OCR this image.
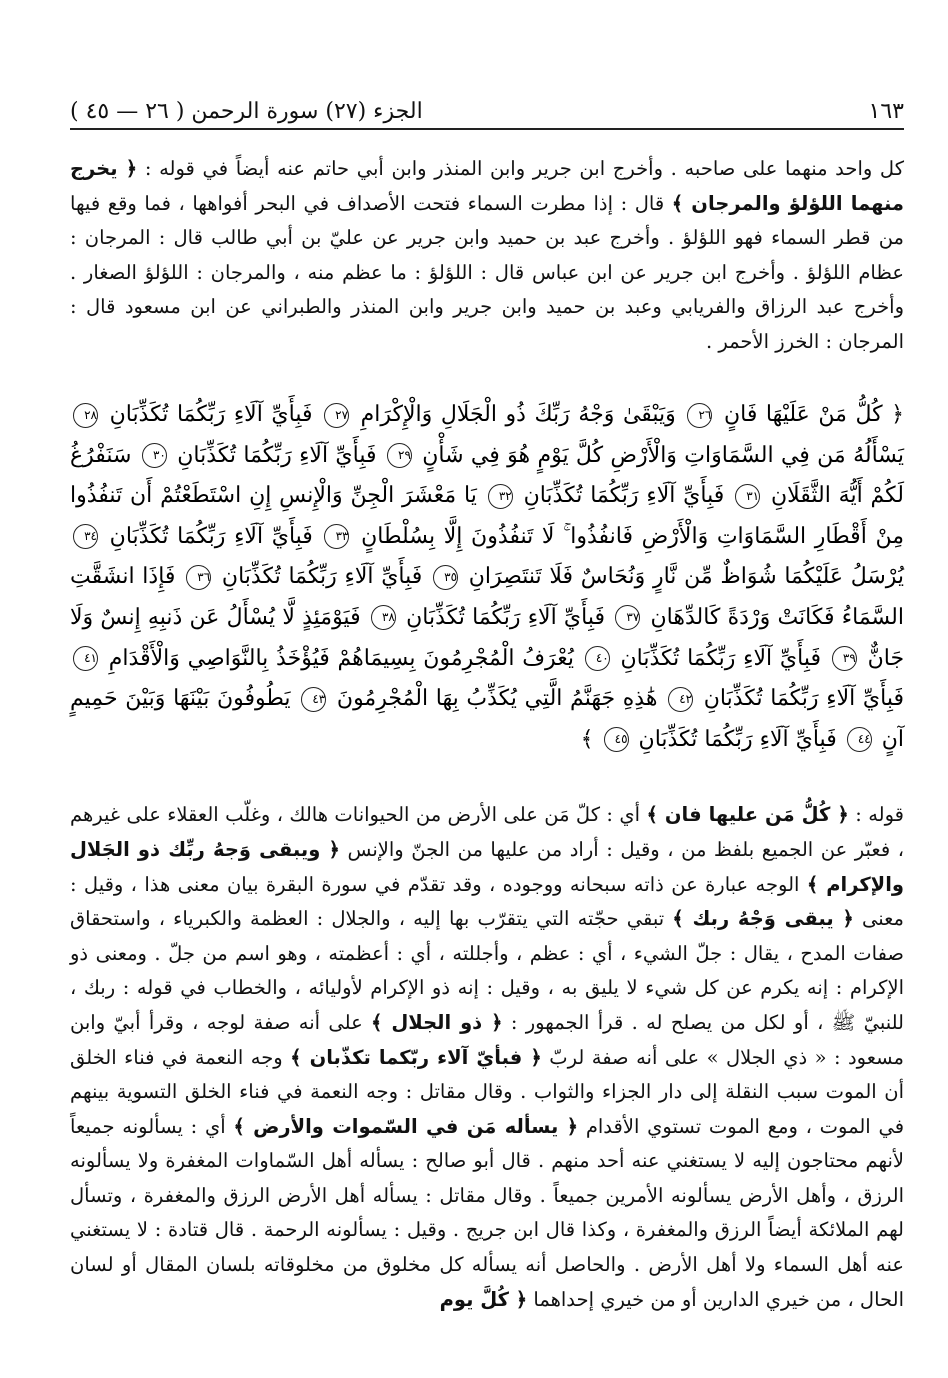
الجزء (٢٧) سورة الرحمن ( ٢٦ — ٤٥ )	١٦٣

كل واحد منهما على صاحبه . وأخرج ابن جرير وابن المنذر وابن أبي حاتم عنه أيضاً في قوله : ﴿ يخرج منهما اللؤلؤ والمرجان ﴾ قال : إذا مطرت السماء فتحت الأصداف في البحر أفواهها ، فما وقع فيها من قطر السماء فهو اللؤلؤ . وأخرج عبد بن حميد وابن جرير عن عليّ بن أبي طالب قال : المرجان : عظام اللؤلؤ . وأخرج ابن جرير عن ابن عباس قال : اللؤلؤ : ما عظم منه ، والمرجان : اللؤلؤ الصغار . وأخرج عبد الرزاق والفريابي وعبد بن حميد وابن جرير وابن المنذر والطبراني عن ابن مسعود قال : المرجان : الخرز الأحمر .

﴿ كُلُّ مَنْ عَلَيْهَا فَانٍ ٢٦ وَيَبْقَىٰ وَجْهُ رَبِّكَ ذُو الْجَلَالِ وَالْإِكْرَامِ ٢٧ فَبِأَيِّ آلَاءِ رَبِّكُمَا تُكَذِّبَانِ ٢٨ يَسْأَلُهُ مَن فِي السَّمَاوَاتِ وَالْأَرْضِ كُلَّ يَوْمٍ هُوَ فِي شَأْنٍ ٢٩ فَبِأَيِّ آلَاءِ رَبِّكُمَا تُكَذِّبَانِ ٣٠ سَنَفْرُغُ لَكُمْ أَيُّهَ الثَّقَلَانِ ٣١ فَبِأَيِّ آلَاءِ رَبِّكُمَا تُكَذِّبَانِ ٣٢ يَا مَعْشَرَ الْجِنِّ وَالْإِنسِ إِنِ اسْتَطَعْتُمْ أَن تَنفُذُوا مِنْ أَقْطَارِ السَّمَاوَاتِ وَالْأَرْضِ فَانفُذُوا ۚ لَا تَنفُذُونَ إِلَّا بِسُلْطَانٍ ٣٣ فَبِأَيِّ آلَاءِ رَبِّكُمَا تُكَذِّبَانِ ٣٤ يُرْسَلُ عَلَيْكُمَا شُوَاظٌ مِّن نَّارٍ وَنُحَاسٌ فَلَا تَنتَصِرَانِ ٣٥ فَبِأَيِّ آلَاءِ رَبِّكُمَا تُكَذِّبَانِ ٣٦ فَإِذَا انشَقَّتِ السَّمَاءُ فَكَانَتْ وَرْدَةً كَالدِّهَانِ ٣٧ فَبِأَيِّ آلَاءِ رَبِّكُمَا تُكَذِّبَانِ ٣٨ فَيَوْمَئِذٍ لَّا يُسْأَلُ عَن ذَنبِهِ إِنسٌ وَلَا جَانٌّ ٣٩ فَبِأَيِّ آلَاءِ رَبِّكُمَا تُكَذِّبَانِ ٤٠ يُعْرَفُ الْمُجْرِمُونَ بِسِيمَاهُمْ فَيُؤْخَذُ بِالنَّوَاصِي وَالْأَقْدَامِ ٤١ فَبِأَيِّ آلَاءِ رَبِّكُمَا تُكَذِّبَانِ ٤٢ هَٰذِهِ جَهَنَّمُ الَّتِي يُكَذِّبُ بِهَا الْمُجْرِمُونَ ٤٣ يَطُوفُونَ بَيْنَهَا وَبَيْنَ حَمِيمٍ آنٍ ٤٤ فَبِأَيِّ آلَاءِ رَبِّكُمَا تُكَذِّبَانِ ٤٥ ﴾

قوله : ﴿ كُلُّ مَن عليها فان ﴾ أي : كلّ مَن على الأرض من الحيوانات هالك ، وغلّب العقلاء على غيرهم ، فعبّر عن الجميع بلفظ من ، وقيل : أراد من عليها من الجنّ والإنس ﴿ ويبقى وَجهُ ربِّك ذو الجَلال والإكرام ﴾ الوجه عبارة عن ذاته سبحانه ووجوده ، وقد تقدّم في سورة البقرة بيان معنى هذا ، وقيل : معنى ﴿ يبقى وَجْهُ ربك ﴾ تبقي حجّته التي يتقرّب بها إليه ، والجلال : العظمة والكبرياء ، واستحقاق صفات المدح ، يقال : جلّ الشيء ، أي : عظم ، وأجللته ، أي : أعظمته ، وهو اسم من جلّ . ومعنى ذو الإكرام : إنه يكرم عن كل شيء لا يليق به ، وقيل : إنه ذو الإكرام لأوليائه ، والخطاب في قوله : ربك ، للنبيّ ﷺ ، أو لكل من يصلح له . قرأ الجمهور : ﴿ ذو الجلال ﴾ على أنه صفة لوجه ، وقرأ أبيّ وابن مسعود : « ذي الجلال » على أنه صفة لربّ ﴿ فبأيّ آلاء ربّكما تكذّبان ﴾ وجه النعمة في فناء الخلق أن الموت سبب النقلة إلى دار الجزاء والثواب . وقال مقاتل : وجه النعمة في فناء الخلق التسوية بينهم في الموت ، ومع الموت تستوي الأقدام ﴿ يسأله مَن في السّموات والأرض ﴾ أي : يسألونه جميعاً لأنهم محتاجون إليه لا يستغني عنه أحد منهم . قال أبو صالح : يسأله أهل السّماوات المغفرة ولا يسألونه الرزق ، وأهل الأرض يسألونه الأمرين جميعاً . وقال مقاتل : يسأله أهل الأرض الرزق والمغفرة ، وتسأل لهم الملائكة أيضاً الرزق والمغفرة ، وكذا قال ابن جريج . وقيل : يسألونه الرحمة . قال قتادة : لا يستغني عنه أهل السماء ولا أهل الأرض . والحاصل أنه يسأله كل مخلوق من مخلوقاته بلسان المقال أو لسان الحال ، من خيري الدارين أو من خيري إحداهما ﴿ كُلَّ يوم
